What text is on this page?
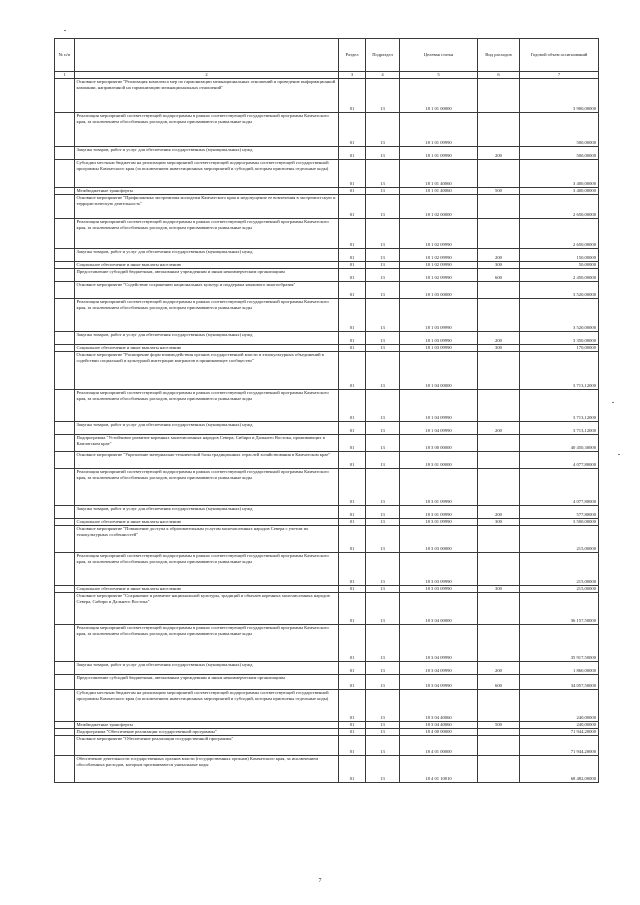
№ п/п		Раздел	Подраздел	Целевая статья	Вид расходов	Годовой объем ассигнований
1	2	3	4	5	6	7
	Основное мероприятие "Реализация комплекса мер по гармонизации межнациональных отношений и проведение информационной кампании, направленной на гармонизацию межнациональных отношений"	01	13	18 1 01 00000		3 900,00000
	Реализация мероприятий соответствующей подпрограммы в рамках соответствующей государственной программы Камчатского края, за исключением обособленных расходов, которым присваиваются уникальные коды	01	13	18 1 01 09990		500,00000
	Закупка товаров, работ и услуг для обеспечения государственных (муниципальных) нужд	01	13	18 1 01 09990	200	500,00000
	Субсидии местным бюджетам на реализацию мероприятий соответствующей подпрограммы соответствующей государственной программы Камчатского края (за исключением инвестиционных мероприятий и субсидий, которым присвоены отдельные коды)	01	13	18 1 01 40060		3 400,00000
	Межбюджетные трансферты	01	13	18 1 01 40060	500	3 400,00000
	Основное мероприятие "Профилактика экстремизма молодежи Камчатского края и недопущение ее вовлечения в экстремистскую и террористическую деятельность"	01	13	18 1 02 00000		2 650,00000
	Реализация мероприятий соответствующей подпрограммы в рамках соответствующей государственной программы Камчатского края, за исключением обособленных расходов, которым присваиваются уникальные коды	01	13	18 1 02 09990		2 650,00000
	Закупка товаров, работ и услуг для обеспечения государственных (муниципальных) нужд	01	13	18 1 02 09990	200	150,00000
	Социальное обеспечение и иные выплаты населению	01	13	18 1 02 09990	300	50,00000
	Предоставление субсидий бюджетным, автономным учреждениям и иным некоммерческим организациям	01	13	18 1 02 09990	600	2 450,00000
	Основное мероприятие "Содействие сохранению национальных культур и поддержка языкового многообразия"	01	13	18 1 03 00000		3 520,00000
	Реализация мероприятий соответствующей подпрограммы в рамках соответствующей государственной программы Камчатского края, за исключением обособленных расходов, которым присваиваются уникальные коды	01	13	18 1 03 09990		3 520,00000
	Закупка товаров, работ и услуг для обеспечения государственных (муниципальных) нужд	01	13	18 1 03 09990	200	3 350,00000
	Социальное обеспечение и иные выплаты населению	01	13	18 1 03 09990	300	170,00000
	Основное мероприятие "Расширение форм взаимодействия органов государственной власти и этнокультурных объединений в содействии социальной и культурной интеграции мигрантов в принимающее сообщество"	01	13	18 1 04 00000		3 713,12000
	Реализация мероприятий соответствующей подпрограммы в рамках соответствующей государственной программы Камчатского края, за исключением обособленных расходов, которым присваиваются уникальные коды	01	13	18 1 04 09990		3 713,12000
	Закупка товаров, работ и услуг для обеспечения государственных (муниципальных) нужд	01	13	18 1 04 09990	200	3 713,12000
	Подпрограмма "Устойчивое развитие коренных малочисленных народов Севера, Сибири и Дальнего Востока, проживающих в Камчатском крае"	01	13	18 3 00 00000		40 450,30000
	Основное мероприятие "Укрепление материально-технической базы традиционных отраслей хозяйствования в Камчатском крае"	01	13	18 3 01 00000		4 077,80000
	Реализация мероприятий соответствующей подпрограммы в рамках соответствующей государственной программы Камчатского края, за исключением обособленных расходов, которым присваиваются уникальные коды	01	13	18 3 01 09990		4 077,80000
	Закупка товаров, работ и услуг для обеспечения государственных (муниципальных) нужд	01	13	18 3 01 09990	200	577,80000
	Социальное обеспечение и иные выплаты населению	01	13	18 3 01 09990	300	3 500,00000
	Основное мероприятие "Повышение доступа к образовательным услугам малочисленных народов Севера с учетом их этнокультурных особенностей"	01	13	18 3 03 00000		215,00000
	Реализация мероприятий соответствующей подпрограммы в рамках соответствующей государственной программы Камчатского края, за исключением обособленных расходов, которым присваиваются уникальные коды	01	13	18 3 03 09990		215,00000
	Социальное обеспечение и иные выплаты населению	01	13	18 3 03 09990	300	215,00000
	Основное мероприятие "Сохранение и развитие национальной культуры, традиций и обычаев коренных малочисленных народов Севера, Сибири и Дальнего Востока"	01	13	18 3 04 00000		36 157,50000
	Реализация мероприятий соответствующей подпрограммы в рамках соответствующей государственной программы Камчатского края, за исключением обособленных расходов, которым присваиваются уникальные коды	01	13	18 3 04 09990		35 917,50000
	Закупка товаров, работ и услуг для обеспечения государственных (муниципальных) нужд	01	13	18 3 04 09990	200	1 860,00000
	Предоставление субсидий бюджетным, автономным учреждениям и иным некоммерческим организациям	01	13	18 3 04 09990	600	34 057,50000
	Субсидии местным бюджетам на реализацию мероприятий соответствующей подпрограммы соответствующей государственной программы Камчатского края (за исключением инвестиционных мероприятий и субсидий, которым присвоены отдельные коды)	01	13	18 3 04 40060		240,00000
	Межбюджетные трансферты	01	13	18 3 04 40060	500	240,00000
	Подпрограмма "Обеспечение реализации государственной программы"	01	13	18 4 00 00000		71 944,20000
	Основное мероприятие "Обеспечение реализации государственной программы"	01	13	18 4 01 00000		71 944,20000
	Обеспечение деятельности государственных органов власти (государственных органов) Камчатского края, за исключением обособленных расходов, которым присваиваются уникальные коды	01	13	18 4 01 10010		68 482,00000
7
